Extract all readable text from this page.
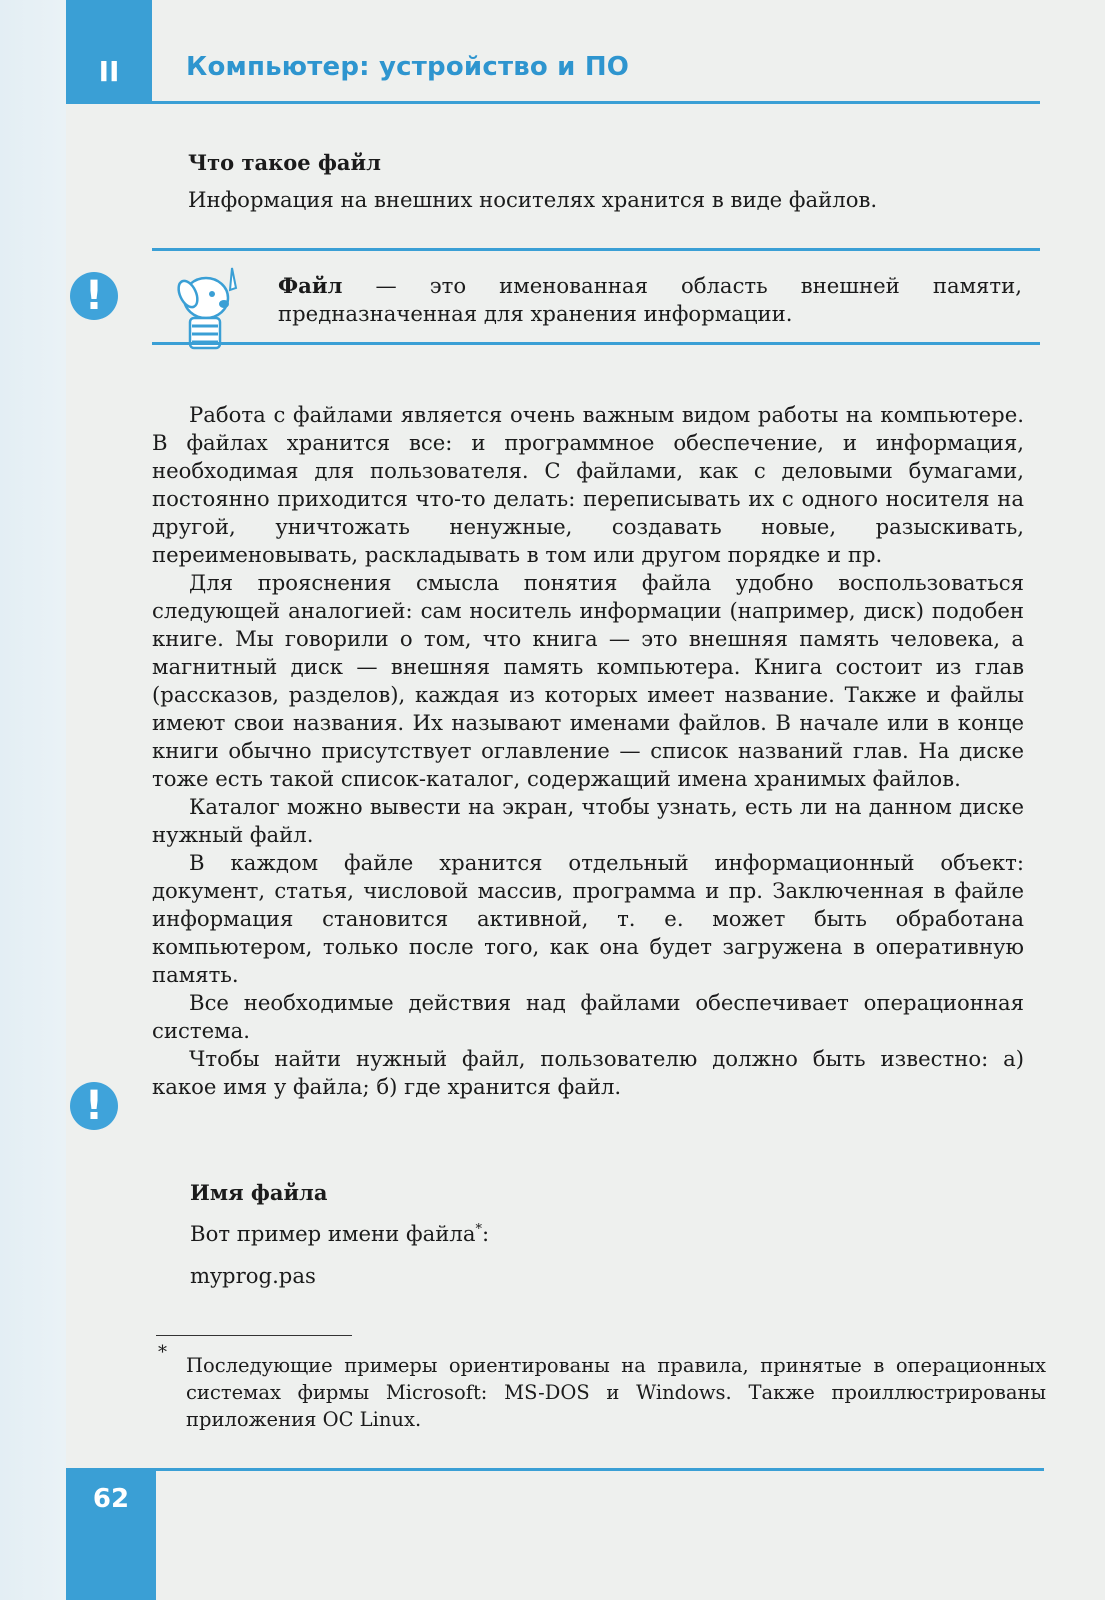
II	Компьютер: устройство и ПО
Что такое файл
Информация на внешних носителях хранится в виде файлов.
!	Файл — это именованная область внешней памяти, предназначенная для хранения информации.

Работа с файлами является очень важным видом работы на компьютере. В файлах хранится все: и программное обеспечение, и информация, необходимая для пользователя. С файлами, как с деловыми бумагами, постоянно приходится что-то делать: переписывать их с одного носителя на другой, уничтожать ненужные, создавать новые, разыскивать, переименовывать, раскладывать в том или другом порядке и пр.

Для прояснения смысла понятия файла удобно воспользоваться следующей аналогией: сам носитель информации (например, диск) подобен книге. Мы говорили о том, что книга — это внешняя память человека, а магнитный диск — внешняя память компьютера. Книга состоит из глав (рассказов, разделов), каждая из которых имеет название. Также и файлы имеют свои названия. Их называют именами файлов. В начале или в конце книги обычно присутствует оглавление — список названий глав. На диске тоже есть такой список-каталог, содержащий имена хранимых файлов.

Каталог можно вывести на экран, чтобы узнать, есть ли на данном диске нужный файл.

В каждом файле хранится отдельный информационный объект: документ, статья, числовой массив, программа и пр. Заключенная в файле информация становится активной, т. е. может быть обработана компьютером, только после того, как она будет загружена в оперативную память.

Все необходимые действия над файлами обеспечивает операционная система.

Чтобы найти нужный файл, пользователю должно быть известно: а) какое имя у файла; б) где хранится файл.

!
Имя файла
Вот пример имени файла*:
myprog.pas
*
Последующие примеры ориентированы на правила, принятые в операционных системах фирмы Microsoft: MS-DOS и Windows. Также проиллюстрированы приложения ОС Linux.
62
